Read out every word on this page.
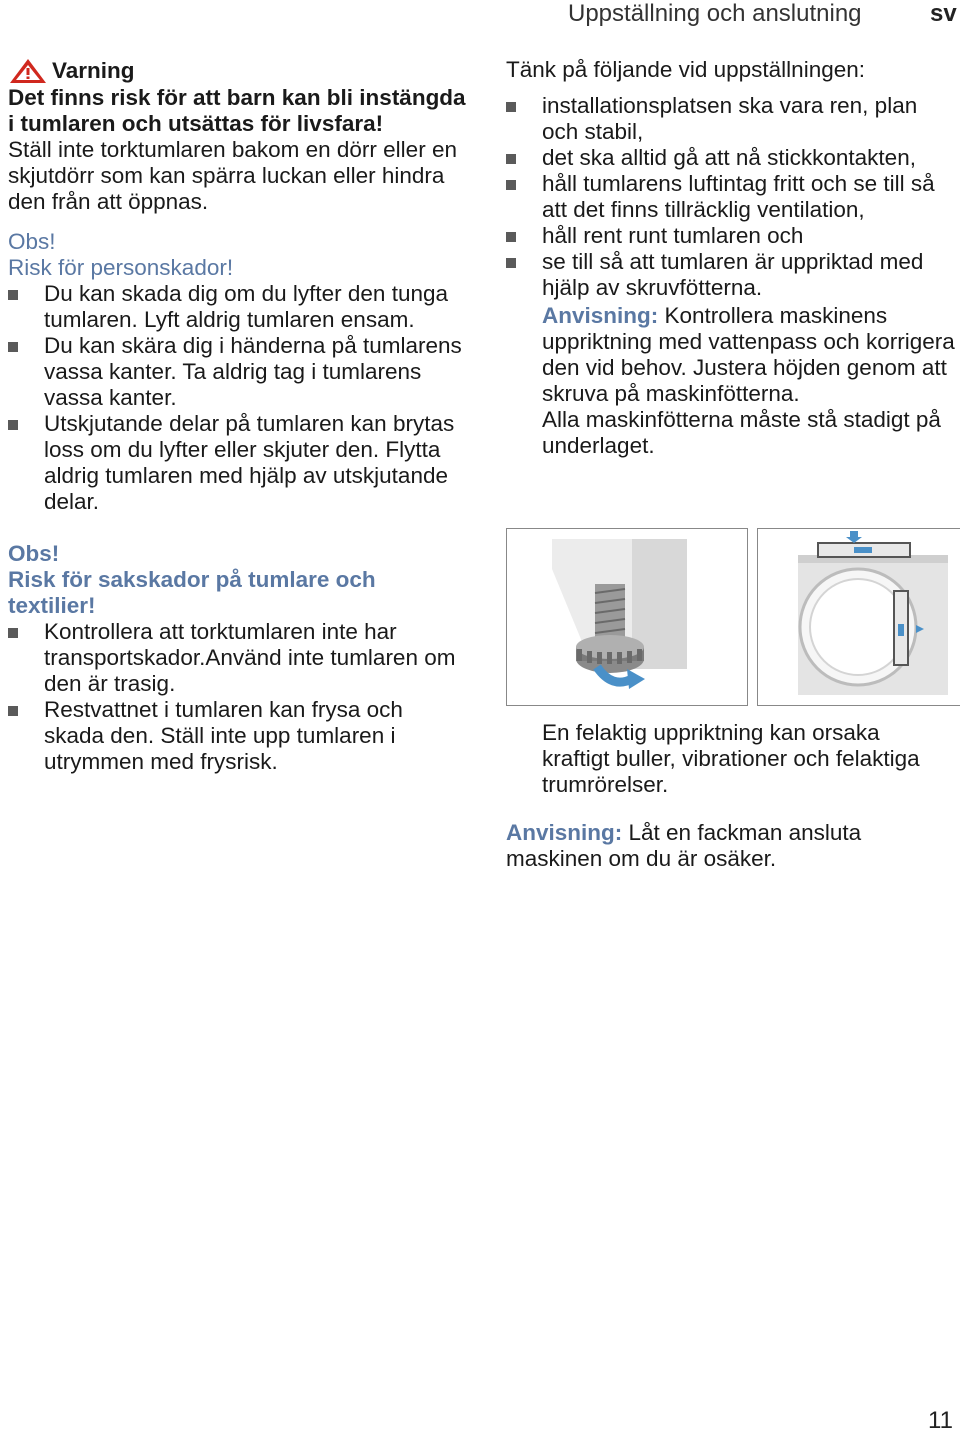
Uppställning och anslutning	sv
Varning
Det finns risk för att barn kan bli instängda i tumlaren och utsättas för livsfara!
Ställ inte torktumlaren bakom en dörr eller en skjutdörr som kan spärra luckan eller hindra den från att öppnas.
Obs!
Risk för personskador!
Du kan skada dig om du lyfter den tunga tumlaren. Lyft aldrig tumlaren ensam.
Du kan skära dig i händerna på tumlarens vassa kanter. Ta aldrig tag i tumlarens vassa kanter.
Utskjutande delar på tumlaren kan brytas loss om du lyfter eller skjuter den. Flytta aldrig tumlaren med hjälp av utskjutande delar.
Obs!
Risk för sakskador på tumlare och textilier!
Kontrollera att torktumlaren inte har transportskador.Använd inte tumlaren om den är trasig.
Restvattnet i tumlaren kan frysa och skada den. Ställ inte upp tumlaren i utrymmen med frysrisk.
Tänk på följande vid uppställningen:
installationsplatsen ska vara ren, plan och stabil,
det ska alltid gå att nå stickkontakten,
håll tumlarens luftintag fritt och se till så att det finns tillräcklig ventilation,
håll rent runt tumlaren och
se till så att tumlaren är uppriktad med hjälp av skruvfötterna.
Anvisning: Kontrollera maskinens uppriktning med vattenpass och korrigera den vid behov. Justera höjden genom att skruva på maskinfötterna.
Alla maskinfötterna måste stå stadigt på underlaget.
En felaktig uppriktning kan orsaka kraftigt buller, vibrationer och felaktiga trumrörelser.
Anvisning: Låt en fackman ansluta maskinen om du är osäker.
11
